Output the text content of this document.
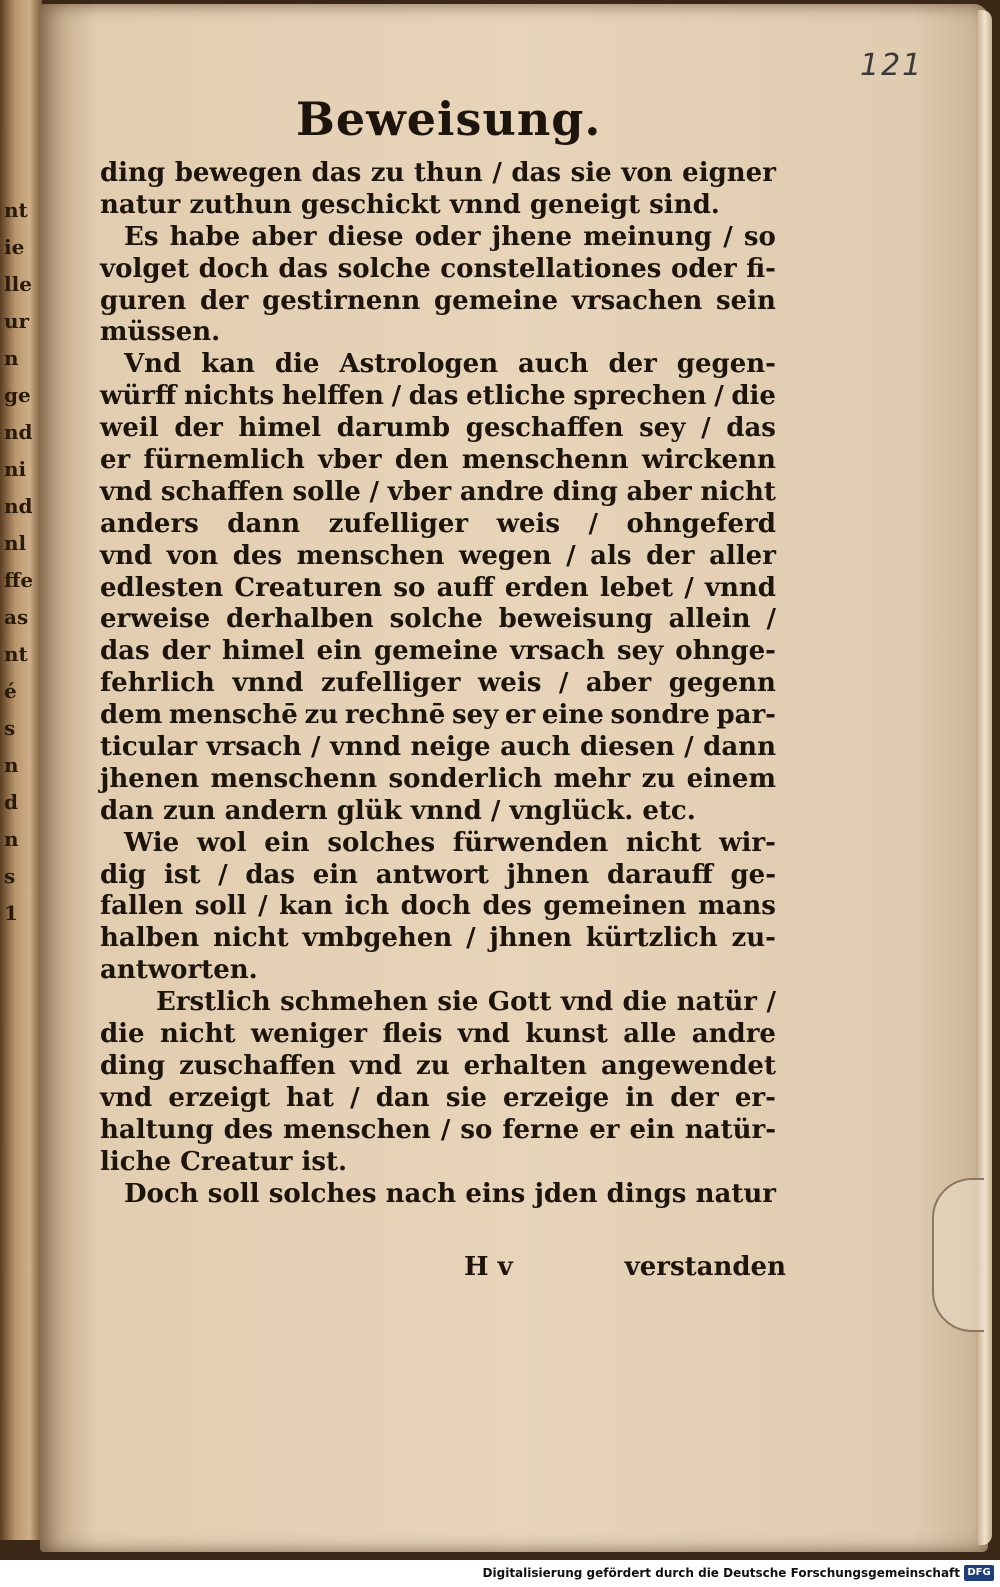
nt
ie
lle
ur
n
ge
nd
ni
nd
nl
ffe
as
nt
é
s
n
d
n
s
1
121
Beweisung.
ding bewegen das zu thun / das sie von eigner
natur zuthun geschickt vnnd geneigt sind.
Es habe aber diese oder jhene meinung / so
volget doch das solche constellationes oder fi-
guren der gestirnenn gemeine vrsachen sein
müssen.
Vnd kan die Astrologen auch der gegen-
würff nichts helffen / das etliche sprechen / die
weil der himel darumb geschaffen sey / das
er fürnemlich vber den menschenn wirckenn
vnd schaffen solle / vber andre ding aber nicht
anders dann zufelliger weis / ohngeferd
vnd von des menschen wegen / als der aller
edlesten Creaturen so auff erden lebet / vnnd
erweise derhalben solche beweisung allein /
das der himel ein gemeine vrsach sey ohnge-
fehrlich vnnd zufelliger weis / aber gegenn
dem menschē zu rechnē sey er eine sondre par-
ticular vrsach / vnnd neige auch diesen / dann
jhenen menschenn sonderlich mehr zu einem
dan zun andern glük vnnd / vnglück. etc.
Wie wol ein solches fürwenden nicht wir-
dig ist / das ein antwort jhnen darauff ge-
fallen soll / kan ich doch des gemeinen mans
halben nicht vmbgehen / jhnen kürtzlich zu-
antworten.
Erstlich schmehen sie Gott vnd die natür /
die nicht weniger fleis vnd kunst alle andre
ding zuschaffen vnd zu erhalten angewendet
vnd erzeigt hat / dan sie erzeige in der er-
haltung des menschen / so ferne er ein natür-
liche Creatur ist.
Doch soll solches nach eins jden dings natur
H v	verstanden
Digitalisierung gefördert durch die Deutsche Forschungsgemeinschaft DFG
